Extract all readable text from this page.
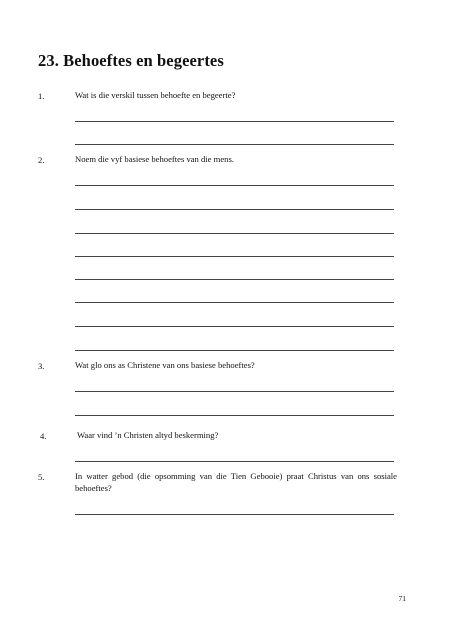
23. Behoeftes en begeertes
1.	Wat is die verskil tussen behoefte en begeerte?
2.	Noem die vyf basiese behoeftes van die mens.
3.	Wat glo ons as Christene van ons basiese behoeftes?
4.	Waar vind ’n Christen altyd beskerming?
5.	In watter gebod (die opsomming van die Tien Gebooie) praat Christus van ons sosiale behoeftes?
71
